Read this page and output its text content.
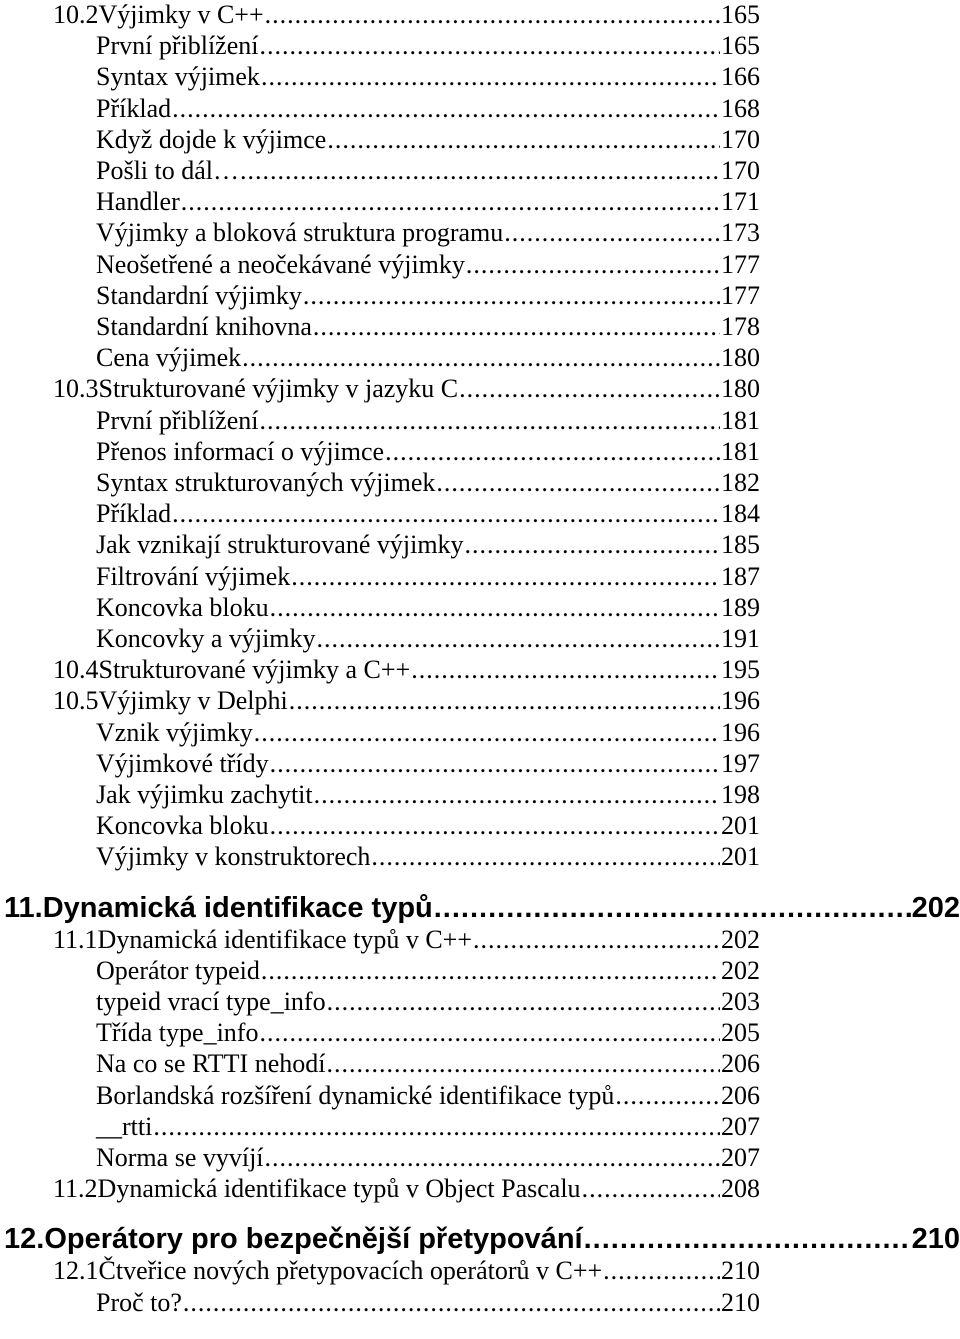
10.2 Výjimky v C++ .....	165
První přiblížení .....	165
Syntax výjimek .....	166
Příklad .....	168
Když dojde k výjimce .....	170
Pošli to dál… .....	170
Handler .....	171
Výjimky a bloková struktura programu .....	173
Neošetřené a neočekávané výjimky .....	177
Standardní výjimky .....	177
Standardní knihovna .....	178
Cena výjimek .....	180
10.3 Strukturované výjimky v jazyku C .....	180
První přiblížení .....	181
Přenos informací o výjimce .....	181
Syntax strukturovaných výjimek .....	182
Příklad .....	184
Jak vznikají strukturované výjimky .....	185
Filtrování výjimek .....	187
Koncovka bloku .....	189
Koncovky a výjimky .....	191
10.4 Strukturované výjimky a C++ .....	195
10.5 Výjimky v Delphi .....	196
Vznik výjimky .....	196
Výjimkové třídy .....	197
Jak výjimku zachytit .....	198
Koncovka bloku .....	201
Výjimky v konstruktorech .....	201
11. Dynamická identifikace typů .....	202
11.1 Dynamická identifikace typů v C++ .....	202
Operátor typeid .....	202
typeid vrací type_info .....	203
Třída type_info .....	205
Na co se RTTI nehodí .....	206
Borlandská rozšíření dynamické identifikace typů .....	206
__rtti .....	207
Norma se vyvíjí .....	207
11.2 Dynamická identifikace typů v Object Pascalu .....	208
12. Operátory pro bezpečnější přetypování .....	210
12.1 Čtveřice nových přetypovacích operátorů v C++ .....	210
Proč to? .....	210
